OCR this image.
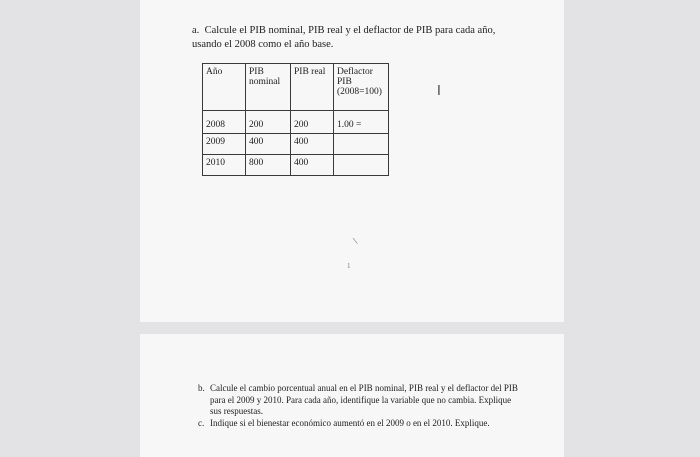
a. Calcule el PIB nominal, PIB real y el deflactor de PIB para cada año, usando el 2008 como el año base.
Año	PIB nominal	PIB real	Deflactor PIB (2008=100)
2008	200	200	1.00 =
2009	400	400	
2010	800	400	
I
\
1
b. Calcule el cambio porcentual anual en el PIB nominal, PIB real y el deflactor del PIB para el 2009 y 2010. Para cada año, identifique la variable que no cambia. Explique sus respuestas.
c. Indique si el bienestar económico aumentó en el 2009 o en el 2010. Explique.
